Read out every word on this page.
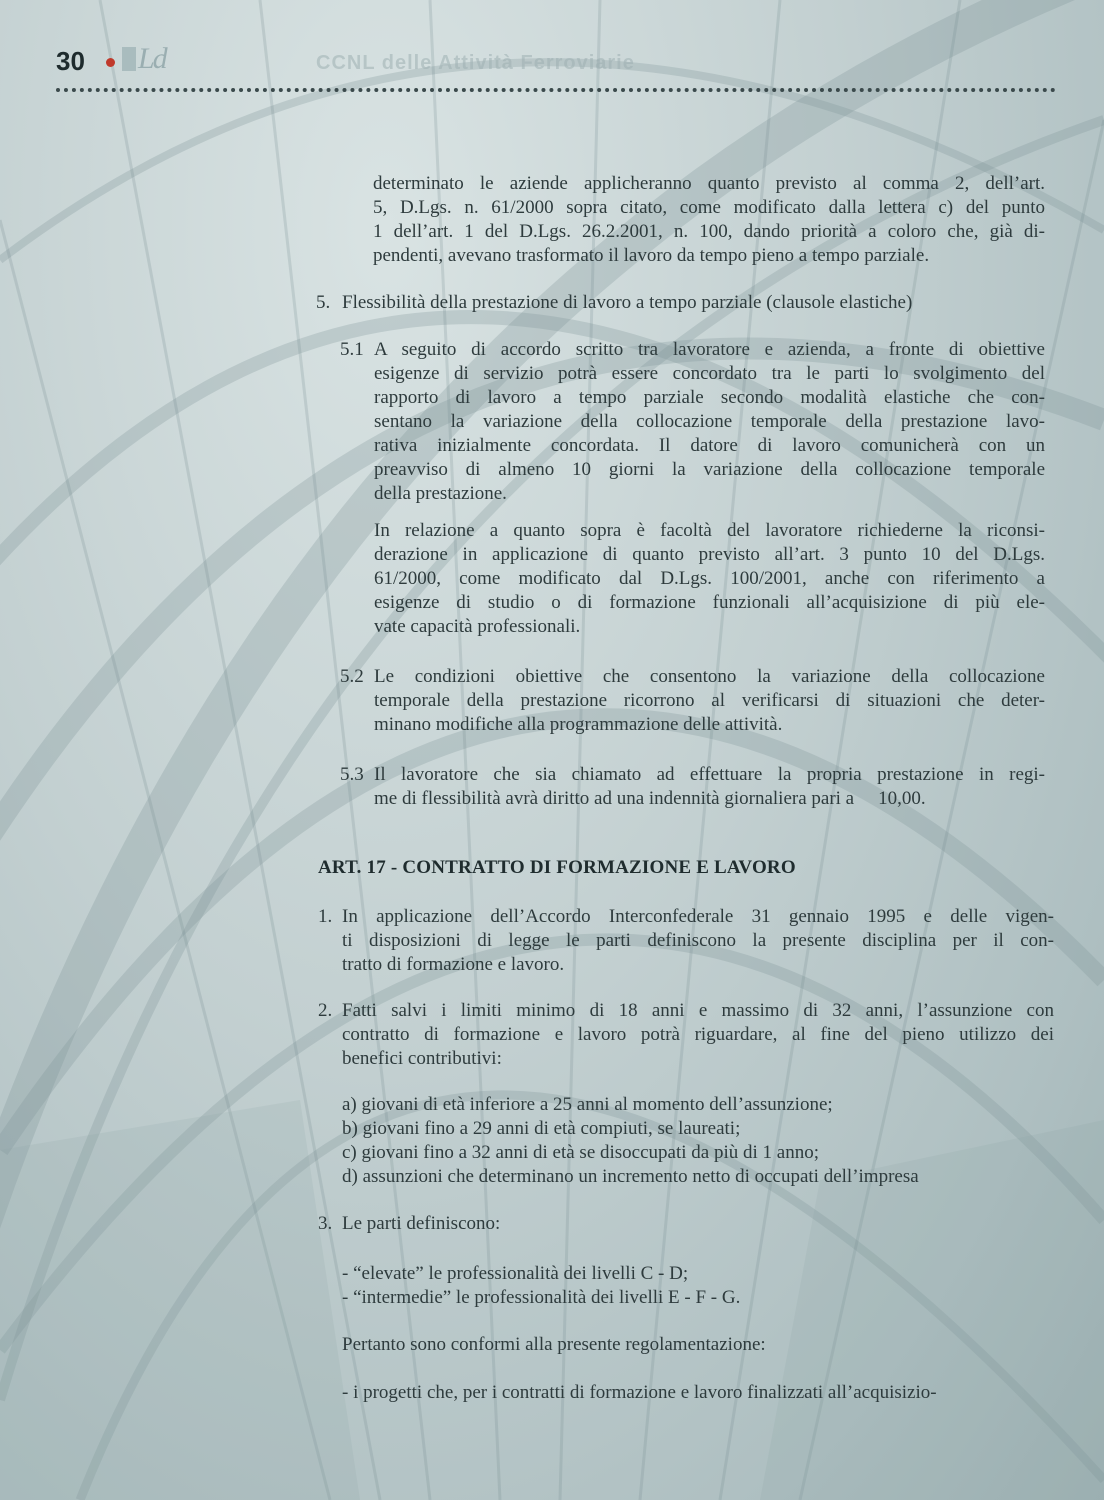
30	Ld	CCNL delle Attività Ferroviarie
determinato le aziende applicheranno quanto previsto al comma 2, dell’art.
5, D.Lgs. n. 61/2000 sopra citato, come modificato dalla lettera c) del punto
1 dell’art. 1 del D.Lgs. 26.2.2001, n. 100, dando priorità a coloro che, già di-
pendenti, avevano trasformato il lavoro da tempo pieno a tempo parziale.
5. Flessibilità della prestazione di lavoro a tempo parziale (clausole elastiche)
5.1 A seguito di accordo scritto tra lavoratore e azienda, a fronte di obiettive
esigenze di servizio potrà essere concordato tra le parti lo svolgimento del
rapporto di lavoro a tempo parziale secondo modalità elastiche che con-
sentano la variazione della collocazione temporale della prestazione lavo-
rativa inizialmente concordata. Il datore di lavoro comunicherà con un
preavviso di almeno 10 giorni la variazione della collocazione temporale
della prestazione.
In relazione a quanto sopra è facoltà del lavoratore richiederne la riconsi-
derazione in applicazione di quanto previsto all’art. 3 punto 10 del D.Lgs.
61/2000, come modificato dal D.Lgs. 100/2001, anche con riferimento a
esigenze di studio o di formazione funzionali all’acquisizione di più ele-
vate capacità professionali.
5.2 Le condizioni obiettive che consentono la variazione della collocazione
temporale della prestazione ricorrono al verificarsi di situazioni che deter-
minano modifiche alla programmazione delle attività.
5.3 Il lavoratore che sia chiamato ad effettuare la propria prestazione in regi-
me di flessibilità avrà diritto ad una indennità giornaliera pari a 10,00.
ART. 17 - CONTRATTO DI FORMAZIONE E LAVORO
1. In applicazione dell’Accordo Interconfederale 31 gennaio 1995 e delle vigen-
ti disposizioni di legge le parti definiscono la presente disciplina per il con-
tratto di formazione e lavoro.
2. Fatti salvi i limiti minimo di 18 anni e massimo di 32 anni, l’assunzione con
contratto di formazione e lavoro potrà riguardare, al fine del pieno utilizzo dei
benefici contributivi:
a) giovani di età inferiore a 25 anni al momento dell’assunzione;
b) giovani fino a 29 anni di età compiuti, se laureati;
c) giovani fino a 32 anni di età se disoccupati da più di 1 anno;
d) assunzioni che determinano un incremento netto di occupati dell’impresa
3. Le parti definiscono:
- “elevate” le professionalità dei livelli C - D;
- “intermedie” le professionalità dei livelli E - F - G.
Pertanto sono conformi alla presente regolamentazione:
- i progetti che, per i contratti di formazione e lavoro finalizzati all’acquisizio-
